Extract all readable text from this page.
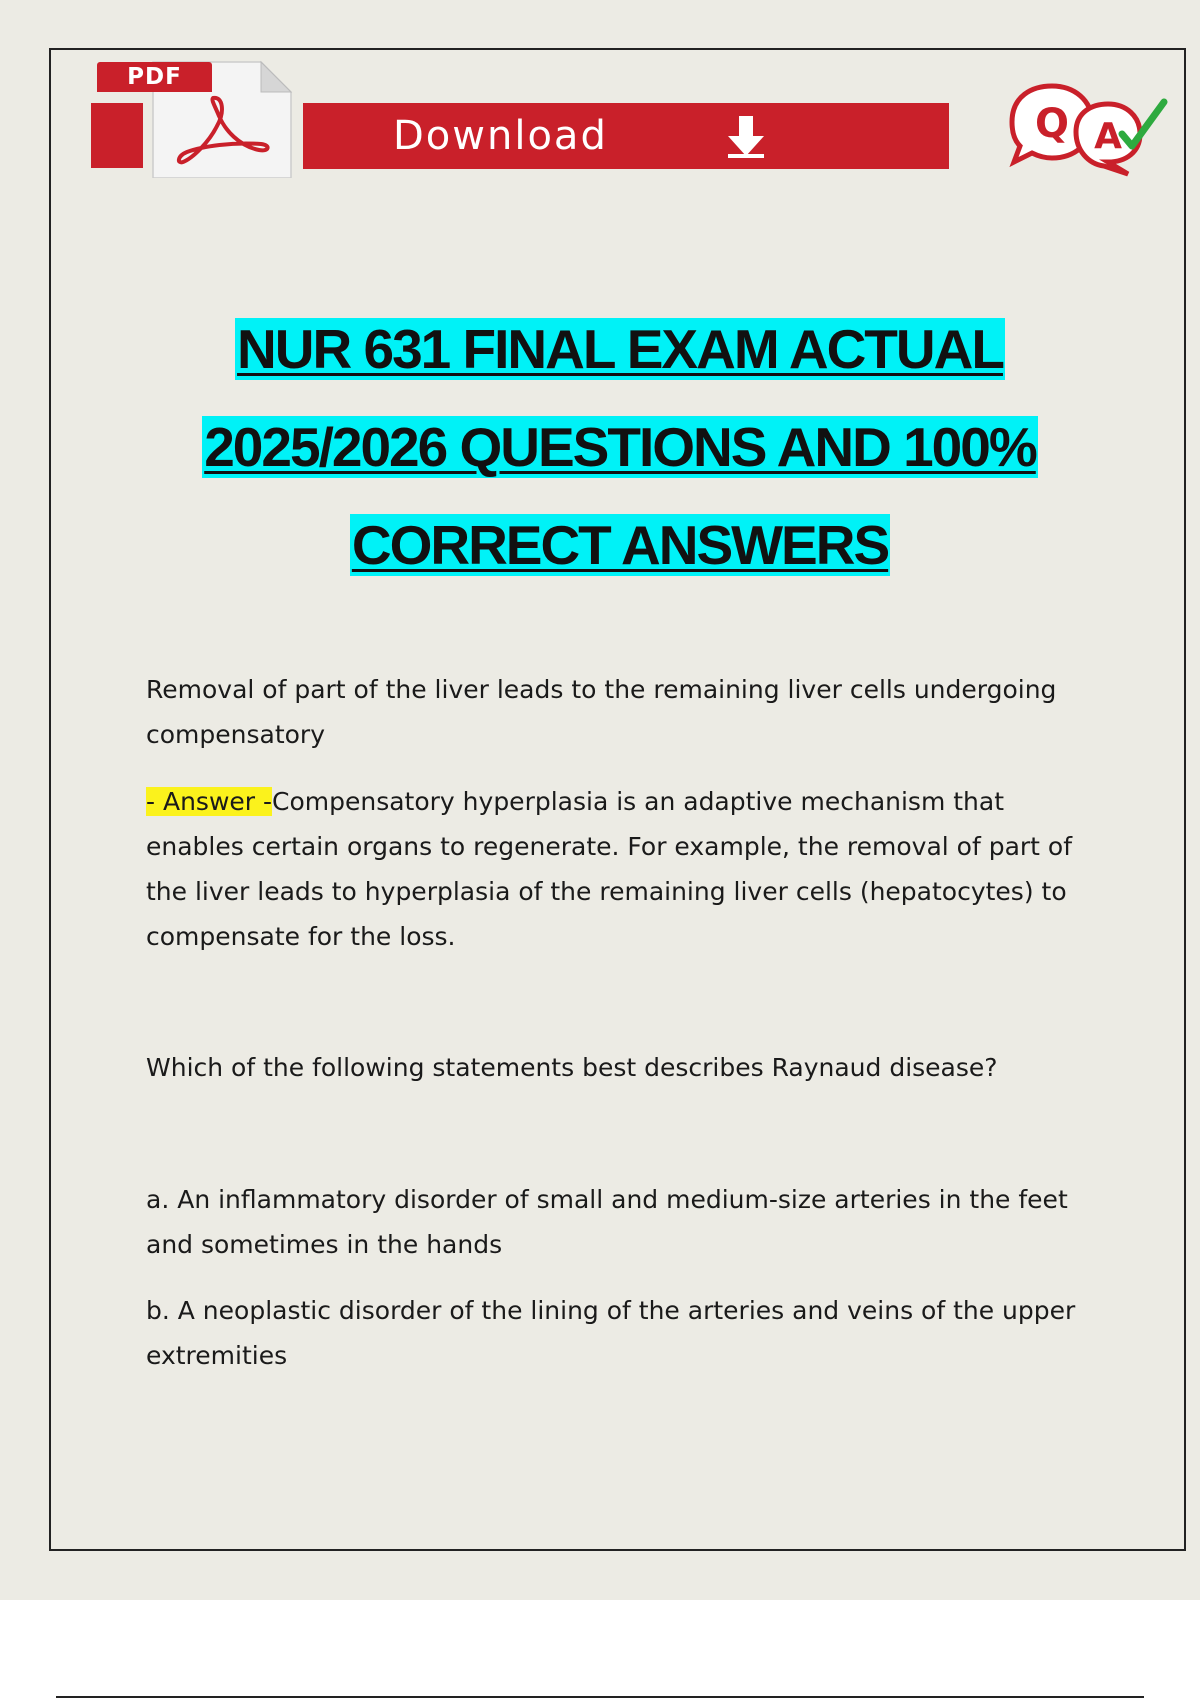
PDF
Download	Q A
NUR 631 FINAL EXAM ACTUAL
2025/2026 QUESTIONS AND 100%
CORRECT ANSWERS

Removal of part of the liver leads to the remaining liver cells undergoing compensatory

- Answer -Compensatory hyperplasia is an adaptive mechanism that enables certain organs to regenerate. For example, the removal of part of the liver leads to hyperplasia of the remaining liver cells (hepatocytes) to compensate for the loss.

Which of the following statements best describes Raynaud disease?

a. An inflammatory disorder of small and medium-size arteries in the feet and sometimes in the hands

b. A neoplastic disorder of the lining of the arteries and veins of the upper extremities
